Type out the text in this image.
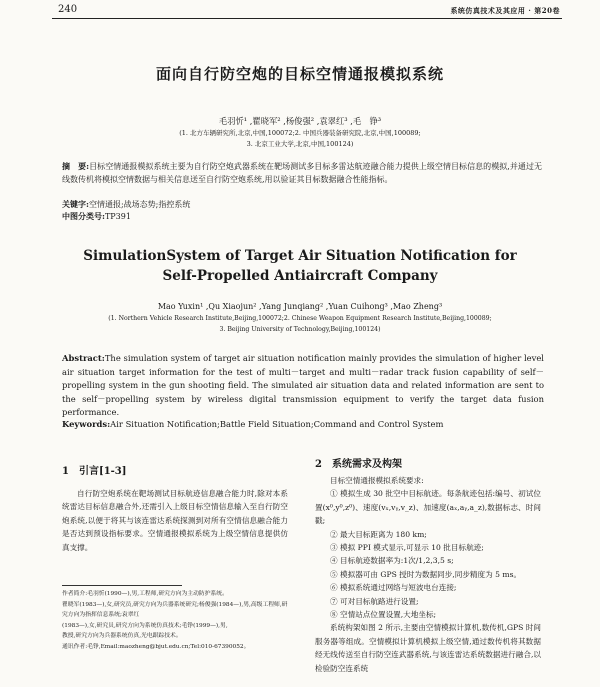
240	系统仿真技术及其应用 · 第20卷
面向自行防空炮的目标空情通报模拟系统
毛羽忻¹ ,瞿晓军² ,杨俊强² ,袁翠红³ ,毛　铮³
(1. 北方车辆研究所,北京,中国,100072;2. 中国兵器装备研究院,北京,中国,100089;
3. 北京工业大学,北京,中国,100124)
摘　要:目标空情通报模拟系统主要为自行防空炮武器系统在靶场测试多目标多雷达航迹融合能力提供上级空情目标信息的模拟,并通过无线数传机将模拟空情数据与相关信息送至自行防空炮系统,用以验证其目标数据融合性能指标。
关键字:空情通报;战场态势;指控系统
中图分类号:TP391
SimulationSystem of Target Air Situation Notification for
Self-Propelled Antiaircraft Company
Mao Yuxin¹ ,Qu Xiaojun² ,Yang Junqiang² ,Yuan Cuihong³ ,Mao Zheng³
(1. Northern Vehicle Research Institute,Beijing,100072;2. Chinese Weapon Equipment Research Institute,Beijing,100089;
3. Beijing University of Technology,Beijing,100124)
Abstract:The simulation system of target air situation notification mainly provides the simulation of higher level air situation target information for the test of multi－target and multi－radar track fusion capability of self－propelling system in the gun shooting field. The simulated air situation data and related information are sent to the self－propelling system by wireless digital transmission equipment to verify the target data fusion performance.
Keywords:Air Situation Notification;Battle Field Situation;Command and Control System
1　引言[1-3]

自行防空炮系统在靶场测试目标航迹信息融合能力时,除对本系统雷达目标信息融合外,还需引入上级目标空情信息输入至自行防空炮系统,以便于将其与该连雷达系统探测到对所有空情信息融合能力是否达到预设指标要求。空情通报模拟系统为上级空情信息提供仿真支撑。

作者简介:毛羽忻(1990—),男,工程师,研究方向为主动防护系统。
瞿晓军(1983—),女,研究员,研究方向为兵器系统研究;杨俊强(1984—),男,高级工程师,研究方向为指挥信息系统;袁翠红
(1983—),女,研究员,研究方向为系统仿真技术;毛铮(1999—),男,
教授,研究方向为兵器系统仿真,光电跟踪技术。
通讯作者:毛铮,Email:maozheng@bjut.edu.cn;Tel:010-67390052。
2　系统需求及构架

目标空情通报模拟系统要求:

① 模拟生成 30 批空中目标航迹。每条航迹包括:编号、初试位置(x⁰,y⁰,z⁰)、速度(vₓ,vᵧ,v_z)、加速度(aₓ,aᵧ,a_z),数据标志、时间戳;

② 最大目标距离为 180 km;

③ 模拟 PPI 模式显示,可显示 10 批目标航迹;

④ 目标航迹数据率为:1次/1,2,3,5 s;

⑤ 模拟器可由 GPS 授时为数据同步,同步精度为 5 ms。

⑥ 模拟系统通过网络与短波电台连接;

⑦ 可对目标航路进行设置;

⑧ 空情站点位置设置,大地坐标;

系统构架如图 2 所示,主要由空情模拟计算机,数传机,GPS 时间服务器等组成。空情模拟计算机模拟上级空情,通过数传机将其数据经无线传送至自行防空连武器系统,与该连雷达系统数据进行融合,以检验防空连系统
